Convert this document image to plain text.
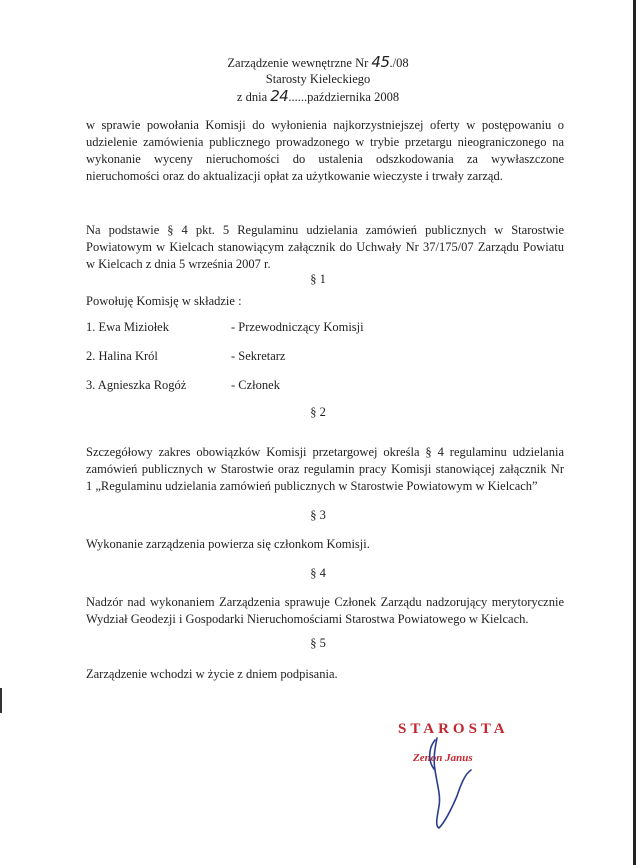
Zarządzenie wewnętrzne Nr 45./08

Starosty Kieleckiego

z dnia 24......października 2008

w sprawie powołania Komisji do wyłonienia najkorzystniejszej oferty w postępowaniu o

udzielenie zamówienia publicznego prowadzonego w trybie przetargu nieograniczonego na

wykonanie wyceny nieruchomości do ustalenia odszkodowania za wywłaszczone

nieruchomości oraz do aktualizacji opłat za użytkowanie wieczyste i trwały zarząd.

Na podstawie § 4 pkt. 5 Regulaminu udzielania zamówień publicznych w Starostwie

Powiatowym w Kielcach stanowiącym załącznik do Uchwały Nr 37/175/07 Zarządu Powiatu

w Kielcach z dnia 5 września 2007 r.

§ 1

Powołuję Komisję w składzie :

1. Ewa Miziołek	- Przewodniczący Komisji

2. Halina Król	- Sekretarz

3. Agnieszka Rogóż	- Członek

§ 2

Szczegółowy zakres obowiązków Komisji przetargowej określa § 4 regulaminu udzielania

zamówień publicznych w Starostwie oraz regulamin pracy Komisji stanowiącej załącznik Nr

1 „Regulaminu udzielania zamówień publicznych w Starostwie Powiatowym w Kielcach”

§ 3

Wykonanie zarządzenia powierza się członkom Komisji.

§ 4

Nadzór nad wykonaniem Zarządzenia sprawuje Członek Zarządu nadzorujący merytorycznie

Wydział Geodezji i Gospodarki Nieruchomościami Starostwa Powiatowego w Kielcach.

§ 5

Zarządzenie wchodzi w życie z dniem podpisania.

STAROSTA
Zenon Janus
